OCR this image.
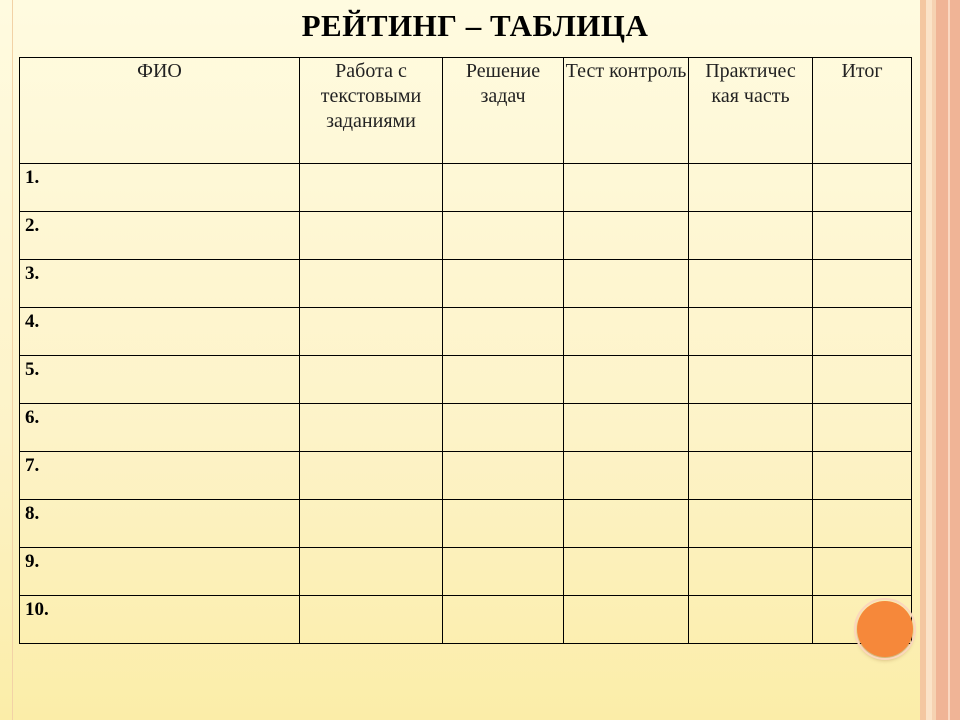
РЕЙТИНГ – ТАБЛИЦА
ФИО	Работа с текстовыми заданиями	Решение задач	Тест контроль	Практичес кая часть	Итог
1.					
2.					
3.					
4.					
5.					
6.					
7.					
8.					
9.					
10.					
